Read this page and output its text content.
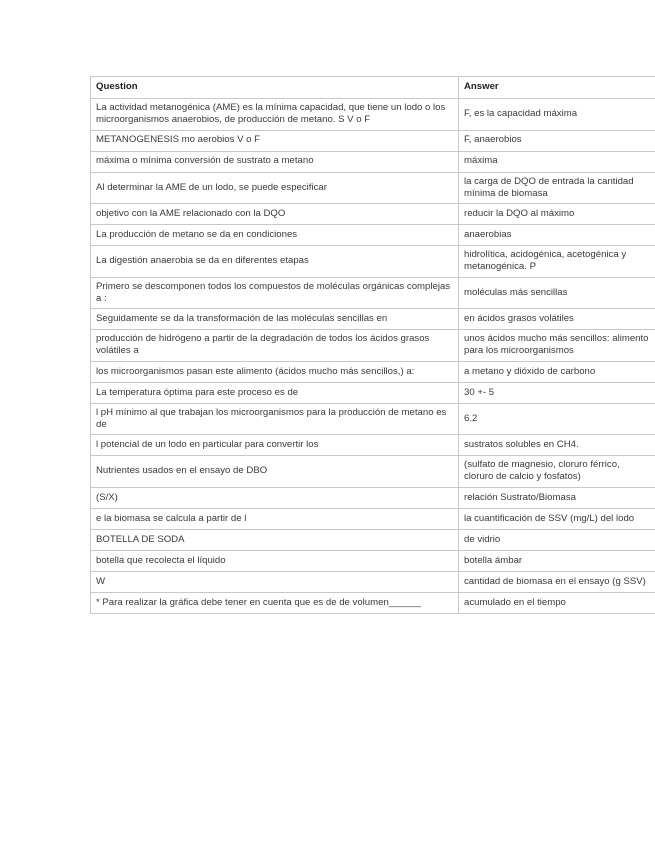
Question	Answer
La actividad metanogénica (AME) es la mínima capacidad, que tiene un lodo o los microorganismos anaerobios, de producción de metano. S V o F	F, es la capacidad máxima
METANOGENESIS mo aerobios V o F	F, anaerobios
máxima o mínima conversión de sustrato a metano	máxima
Al determinar la AME de un lodo, se puede especificar	la carga de DQO de entrada la cantidad mínima de biomasa
objetivo con la AME relacionado con la DQO	reducir la DQO al máximo
La producción de metano se da en condiciones	anaerobias
La digestión anaerobia se da en diferentes etapas	hidrolítica, acidogénica, acetogénica y metanogénica. P
Primero se descomponen todos los compuestos de moléculas orgánicas complejas a :	moléculas más sencillas
Seguidamente se da la transformación de las moléculas sencillas en	en ácidos grasos volátiles
producción de hidrógeno a partir de la degradación de todos los ácidos grasos volátiles a	unos ácidos mucho más sencillos: alimento para los microorganismos
los microorganismos pasan este alimento (ácidos mucho más sencillos,) a:	a metano y dióxido de carbono
La temperatura óptima para este proceso es de	30 +- 5
l pH mínimo al que trabajan los microorganismos para la producción de metano es de	6.2
l potencial de un lodo en particular para convertir los	sustratos solubles en CH4.
Nutrientes usados en el ensayo de DBO	(sulfato de magnesio, cloruro férrico, cloruro de calcio y fosfatos)
(S/X)	relación Sustrato/Biomasa
e la biomasa se calcula a partir de l	la cuantificación de SSV (mg/L) del lodo
BOTELLA DE SODA	de vidrio
botella que recolecta el líquido	botella ámbar
W	cantidad de biomasa en el ensayo (g SSV)
* Para realizar la gráfica debe tener en cuenta que es de de volumen______	acumulado en el tiempo
